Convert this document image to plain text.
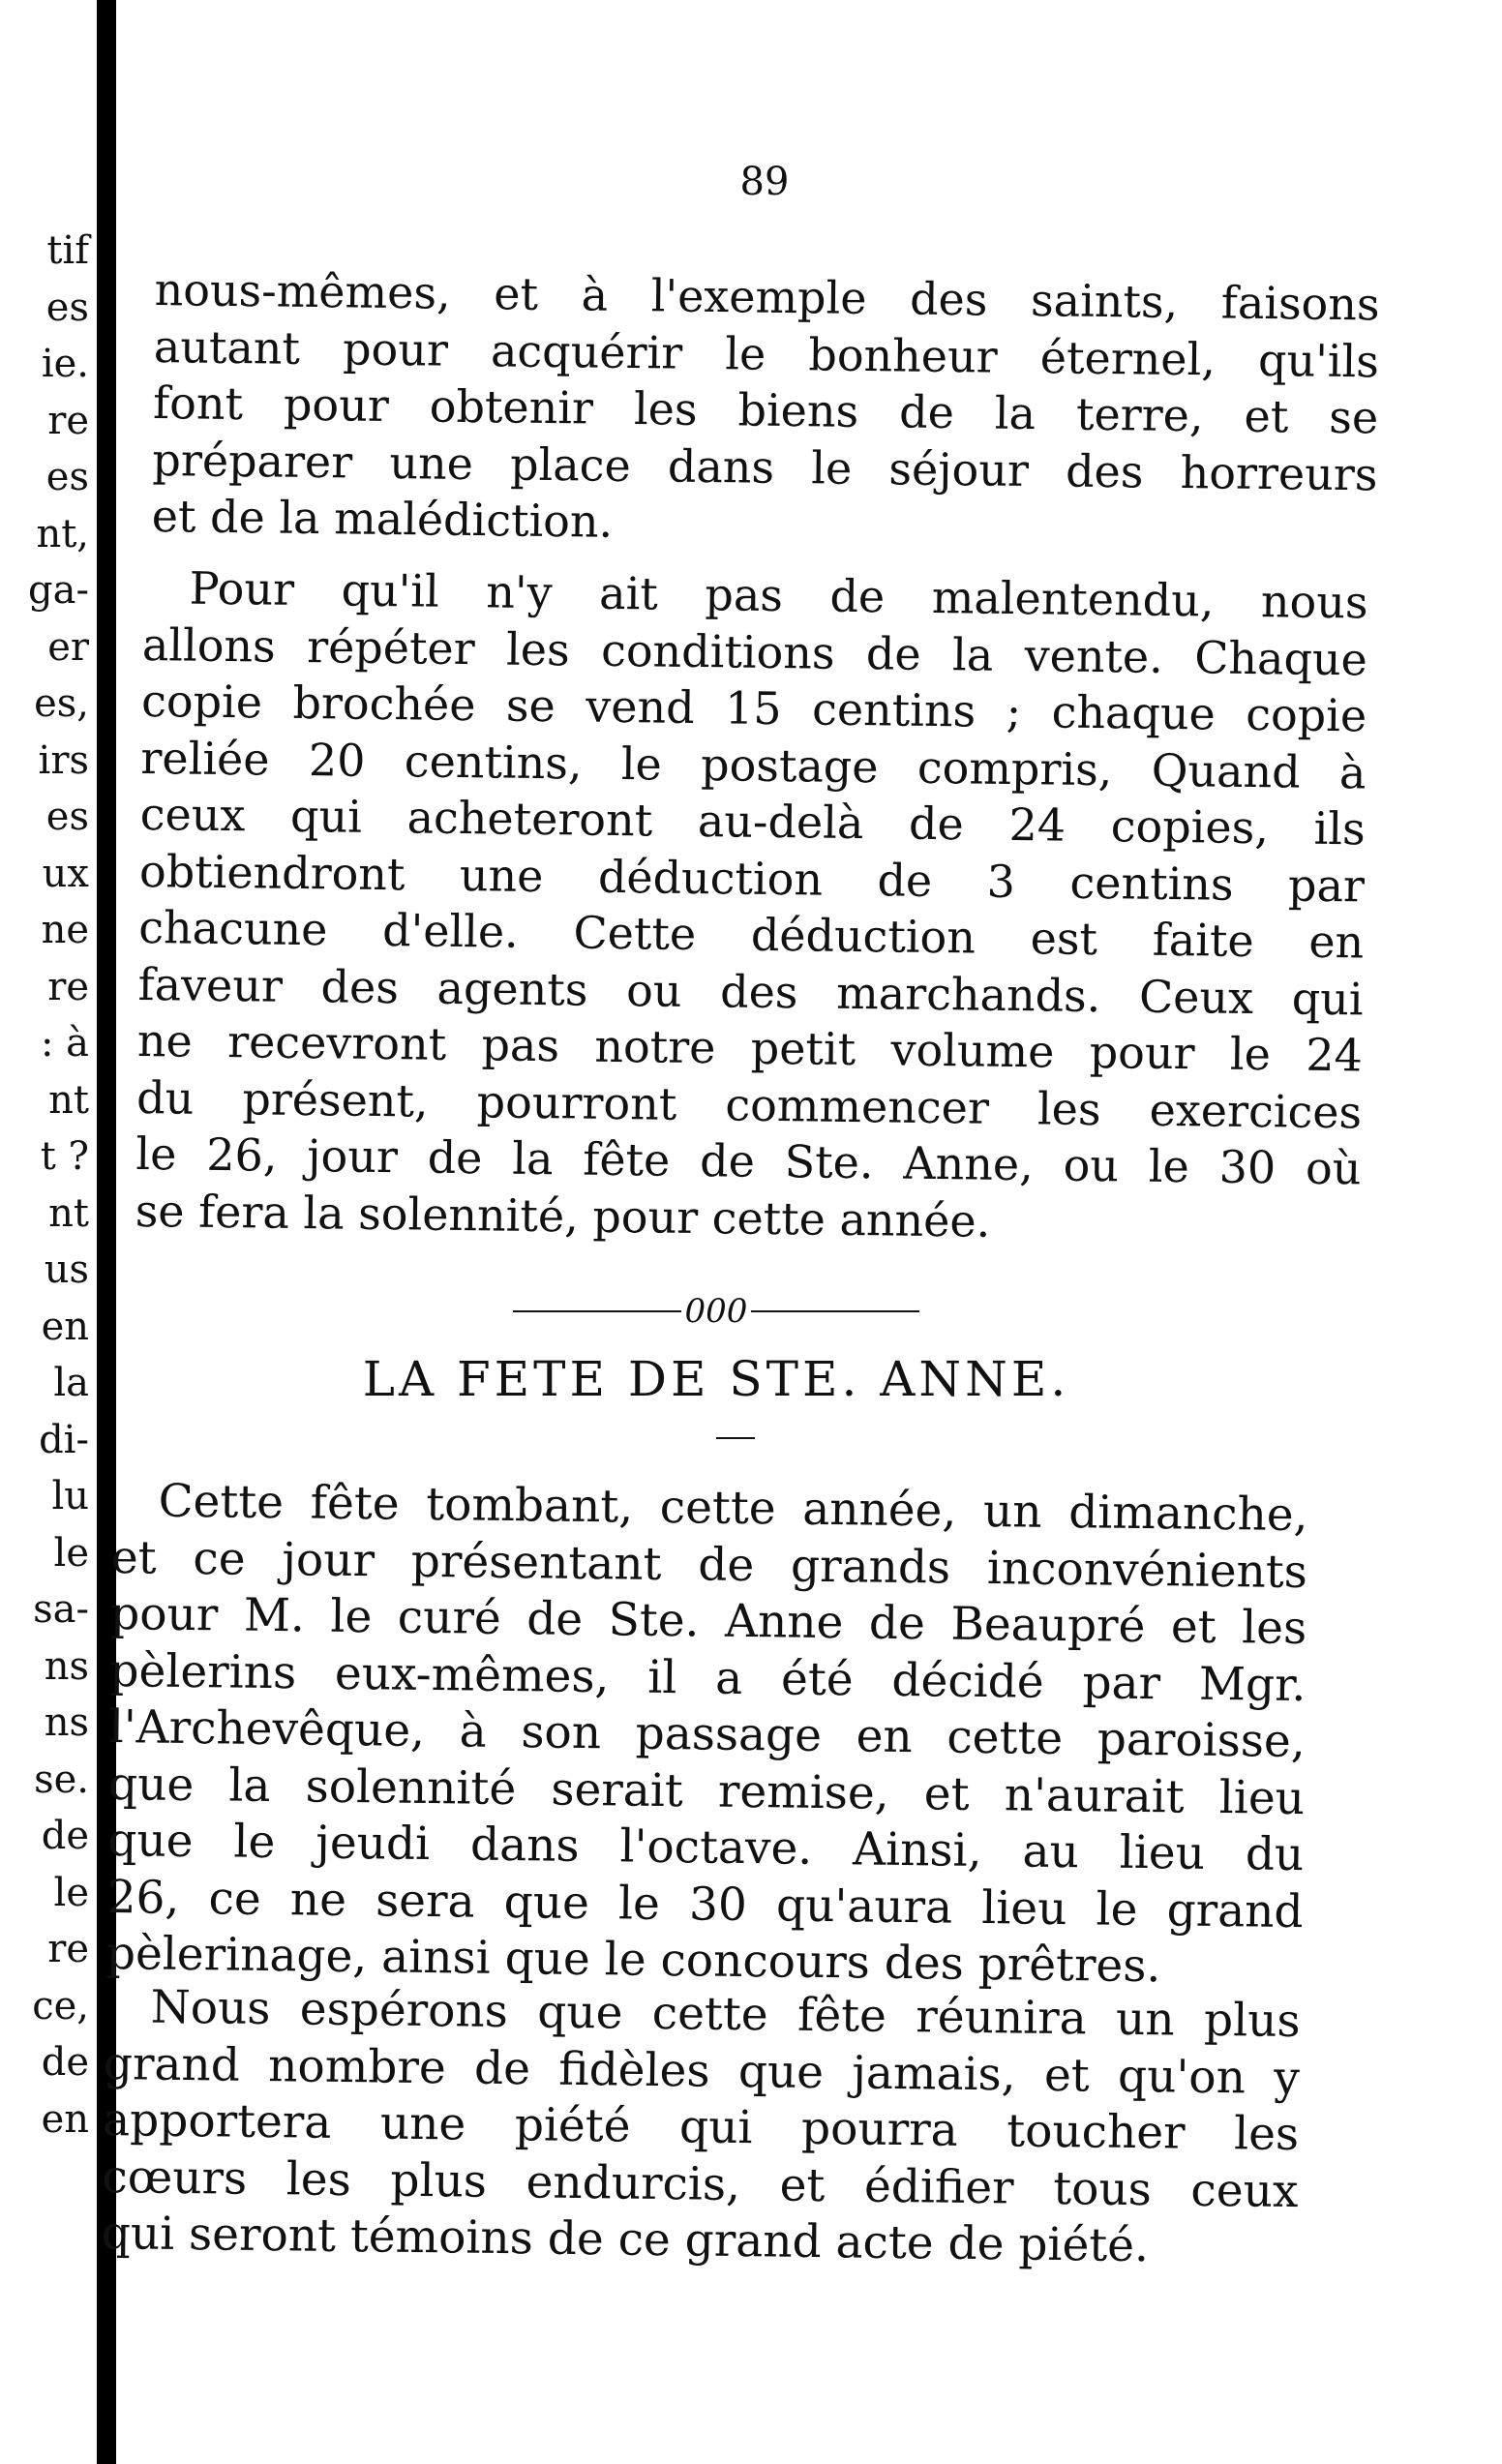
tif
es
ie.
re
es
nt,
ga-
er
es,
irs
es
ux
ne
re
: à
nt
t ?
nt
us
en
la
di-
lu
le
sa-
ns
ns
se.
de
le
re
ce,
de
en
89
nous-mêmes, et à l'exemple des saints, faisons
autant pour acquérir le bonheur éternel, qu'ils
font pour obtenir les biens de la terre, et se
préparer une place dans le séjour des horreurs
et de la malédiction.
Pour qu'il n'y ait pas de malentendu, nous
allons répéter les conditions de la vente. Chaque
copie brochée se vend 15 centins ; chaque copie
reliée 20 centins, le postage compris, Quand à
ceux qui acheteront au-delà de 24 copies, ils
obtiendront une déduction de 3 centins par
chacune d'elle. Cette déduction est faite en
faveur des agents ou des marchands. Ceux qui
ne recevront pas notre petit volume pour le 24
du présent, pourront commencer les exercices
le 26, jour de la fête de Ste. Anne, ou le 30 où
se fera la solennité, pour cette année.
000
LA FETE DE STE. ANNE.
Cette fête tombant, cette année, un dimanche,
et ce jour présentant de grands inconvénients
pour M. le curé de Ste. Anne de Beaupré et les
pèlerins eux-mêmes, il a été décidé par Mgr.
l'Archevêque, à son passage en cette paroisse,
que la solennité serait remise, et n'aurait lieu
que le jeudi dans l'octave. Ainsi, au lieu du
26, ce ne sera que le 30 qu'aura lieu le grand
pèlerinage, ainsi que le concours des prêtres.
Nous espérons que cette fête réunira un plus
grand nombre de fidèles que jamais, et qu'on y
apportera une piété qui pourra toucher les
cœurs les plus endurcis, et édifier tous ceux
qui seront témoins de ce grand acte de piété.
